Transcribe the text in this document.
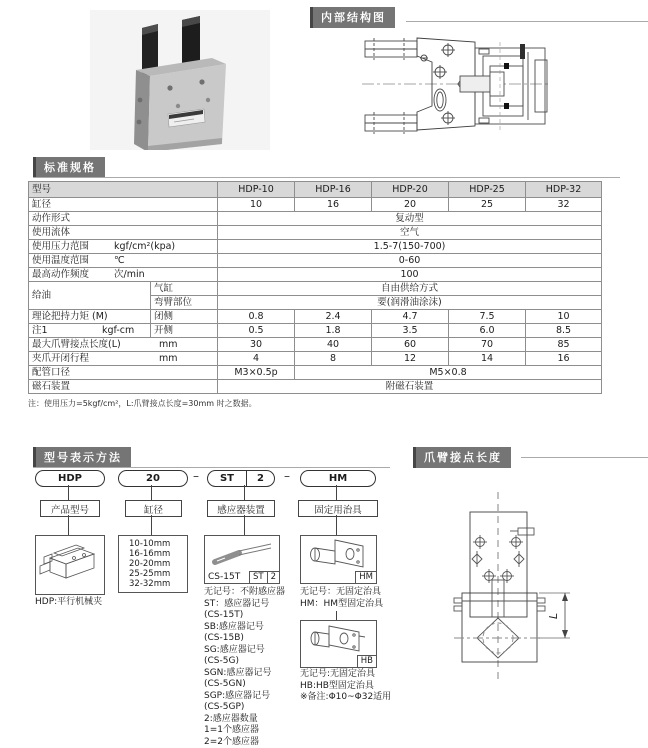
内部结构图
标准规格
型号		HDP-10	HDP-16	HDP-20	HDP-25	HDP-32
缸径		10	16	20	25	32
动作形式		复动型				
使用流体		空气				

使用压力范围 kgf/cm²(kpa)		1.5-7(150-700)				

使用温度范围 ℃		0-60				

最高动作频度 次/min		100				
给油	气缸	自由供给方式				
	弯臂部位	要(润滑油涂沫)				
理论把持力矩 (M)	闭侧	0.8	2.4	4.7	7.5	10

注1 kgf-cm	开侧	0.5	1.8	3.5	6.0	8.5

最大爪臂接点长度(L) mm		30	40	60	70	85

夹爪开闭行程 mm		4	8	12	14	16
配管口径		M3×0.5p	M5×0.8			
磁石装置		附磁石装置				
注：使用压力=5kgf/cm²，L:爪臂接点长度=30mm 时之数据。
型号表示方法
HDP	20	–	ST	2	–	HM
产品型号	缸径	感应器装置	固定用治具
HDP:平行机械夹
10-10mm
16-16mm
20-20mm
25-25mm
32-32mm
CS-15T	ST 2
无记号：不附感应器
ST：感应器记号
(CS-15T)
SB:感应器记号
(CS-15B)
SG:感应器记号
(CS-5G)
SGN:感应器记号
(CS-5GN)
SGP:感应器记号
(CS-5GP)
2:感应器数量
1=1个感应器
2=2个感应器
HM
无记号：无固定治具
HM：HM型固定治具
HB
无记号:无固定治具
HB:HB型固定治具
※备注:Φ10~Φ32适用
爪臂接点长度
L
